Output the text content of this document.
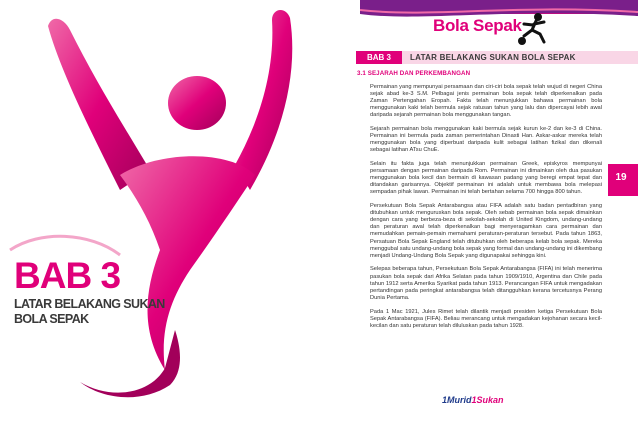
BAB 3
LATAR BELAKANG SUKAN
BOLA SEPAK
Bola Sepak
BAB 3	LATAR BELAKANG SUKAN BOLA SEPAK
3.1 SEJARAH DAN PERKEMBANGAN

Permainan yang mempunyai persamaan dan ciri-ciri bola sepak telah wujud di negeri China sejak abad ke-3 S.M. Pelbagai jenis permainan bola sepak telah diperkenalkan pada Zaman Pertengahan Eropah. Fakta telah menunjukkan bahawa permainan bola menggunakan kaki telah bermula sejak ratusan tahun yang lalu dan dipercayai lebih awal daripada sejarah permainan bola menggunakan tangan.

Sejarah permainan bola menggunakan kaki bermula sejak kurun ke-2 dan ke-3 di China. Permainan ini bermula pada zaman pemerintahan Dinasti Han. Askar-askar mereka telah menggunakan bola yang diperbuat daripada kulit sebagai latihan fizikal dan dikenali sebagai latihan ATsu ChuE.

Selain itu fakta juga telah menunjukkan permainan Greek, episkyros mempunyai persamaan dengan permainan daripada Rom. Permainan ini dimainkan oleh dua pasukan menggunakan bola kecil dan bermain di kawasan padang yang beregi empat tepat dan ditandakan garisannya. Objektif permainan ini adalah untuk membawa bola melepasi sempadan pihak lawan. Permainan ini telah bertahan selama 700 hingga 800 tahun.

Persekutuan Bola Sepak Antarabangsa atau FIFA adalah satu badan pentadbiran yang ditubuhkan untuk menguruskan bola sepak. Oleh sebab permainan bola sepak dimainkan dengan cara yang berbeza-beza di sekolah-sekolah di United Kingdom, undang-undang dan peraturan awal telah diperkenalkan bagi menyeragamkan cara permainan dan memudahkan pemain-pemain memahami peraturan-peraturan tersebut. Pada tahun 1863, Persatuan Bola Sepak England telah ditubuhkan oleh beberapa kelab bola sepak. Mereka menggubal satu undang-undang bola sepak yang formal dan undang-undang ini dikembang menjadi Undang-Undang Bola Sepak yang digunapakai sehingga kini.

Selepas beberapa tahun, Persekutuan Bola Sepak Antarabangsa (FIFA) ini telah menerima pasukan bola sepak dari Afrika Selatan pada tahun 1909/1910, Argentina dan Chile pada tahun 1912 serta Amerika Syarikat pada tahun 1913. Perancangan FIFA untuk mengadakan pertandingan pada peringkat antarabangsa telah ditangguhkan kerana tercetusnya Perang Dunia Pertama.

Pada 1 Mac 1921, Jules Rimet telah dilantik menjadi presiden ketiga Persekutuan Bola Sepak Antarabangsa (FIFA). Beliau merancang untuk mengadakan kejohanan secara kecil-kecilan dan satu peraturan telah diluluskan pada tahun 1928.

19
1Murid1Sukan
